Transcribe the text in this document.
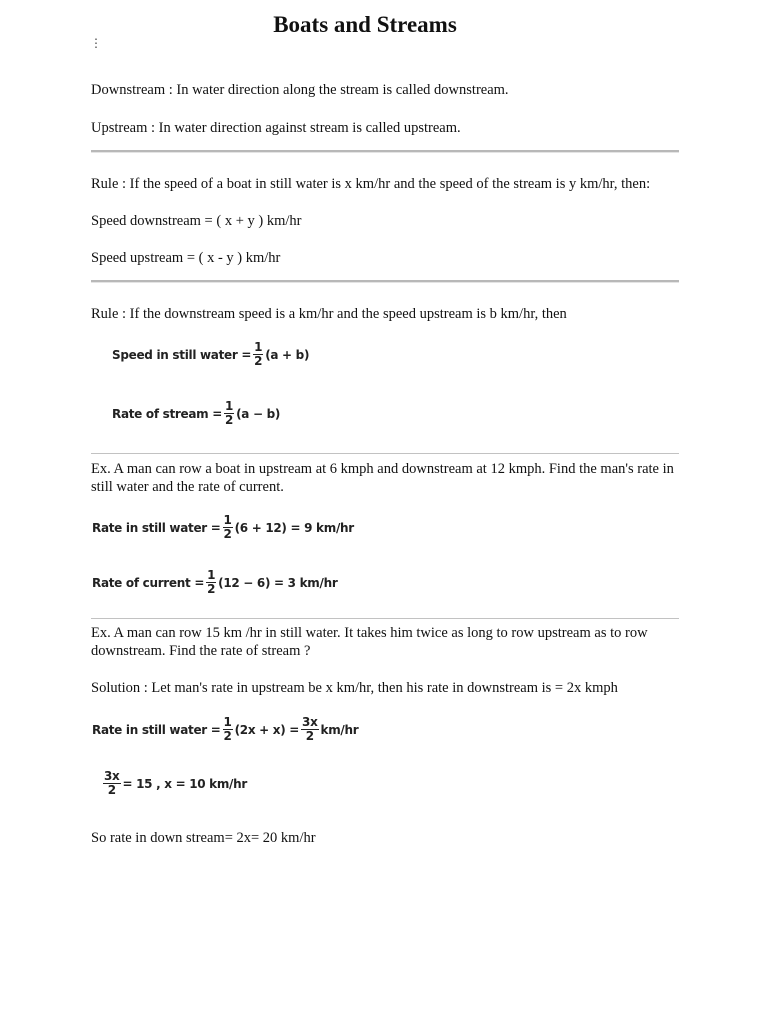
Boats and Streams
⋮
Downstream : In water direction along the stream is called downstream.
Upstream : In water direction against stream is called upstream.
Rule : If the speed of a boat in still water is x km/hr and the speed of the stream is y km/hr, then:
Speed downstream = ( x + y ) km/hr
Speed upstream = ( x - y ) km/hr
Rule : If the downstream speed is a km/hr and the speed upstream is b km/hr, then
Speed in still water = $\frac{1}{2} (a + b)$
Rate of stream = $\frac{1}{2} (a - b)$
Ex. A man can row a boat in upstream at 6 kmph and downstream at 12 kmph. Find the man's rate in still water and the rate of current.
Rate in still water = $\frac{1}{2} (6 + 12) = 9$ km/hr
Rate of current = $\frac{1}{2} (12 - 6) = 3$ km/hr
Ex. A man can row 15 km /hr in still water. It takes him twice as long to row upstream as to row downstream. Find the rate of stream ?
Solution : Let man's rate in upstream be x km/hr, then his rate in downstream is = 2x kmph
Rate in still water = $\frac{1}{2} (2x + x) = \frac{3x}{2} km/hr$
$\frac{3x}{2} = 15$ , x = 10 km/hr
So rate in down stream= 2x= 20 km/hr
